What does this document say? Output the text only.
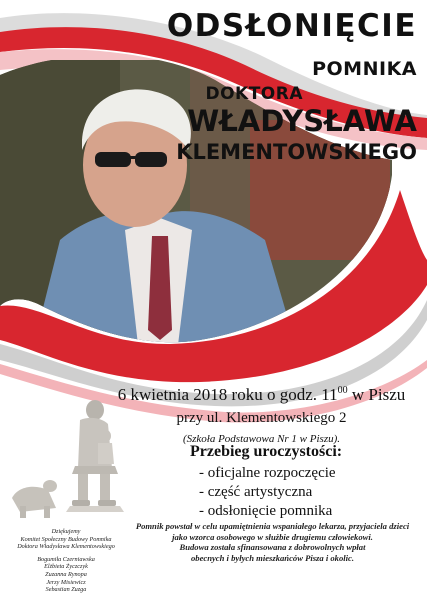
ODSŁONIĘCIE
POMNIKA
DOKTORA
WŁADYSŁAWA
KLEMENTOWSKIEGO
6 kwietnia 2018 roku o godz. $11^{00}$ w Piszu
przy ul. Klementowskiego 2
(Szkoła Podstawowa Nr 1 w Piszu).
Przebieg uroczystości:
- oficjalne rozpoczęcie
- część artystyczna
- odsłonięcie pomnika
Dziękujemy
Komitet Społeczny Budowy Pomnika
Doktora Władysława Klementowskiego
Bogumiła Czerniawska
Elżbieta Życzczyk
Zuzanna Rynopa
Jerzy Misiewicz
Sebastian Zuzga
Pomnik powstał w celu upamiętnienia wspaniałego lekarza, przyjaciela dzieci
jako wzorca osobowego w służbie drugiemu człowiekowi.
Budowa została sfinansowana z dobrowolnych wpłat
obecnych i byłych mieszkańców Pisza i okolic.
